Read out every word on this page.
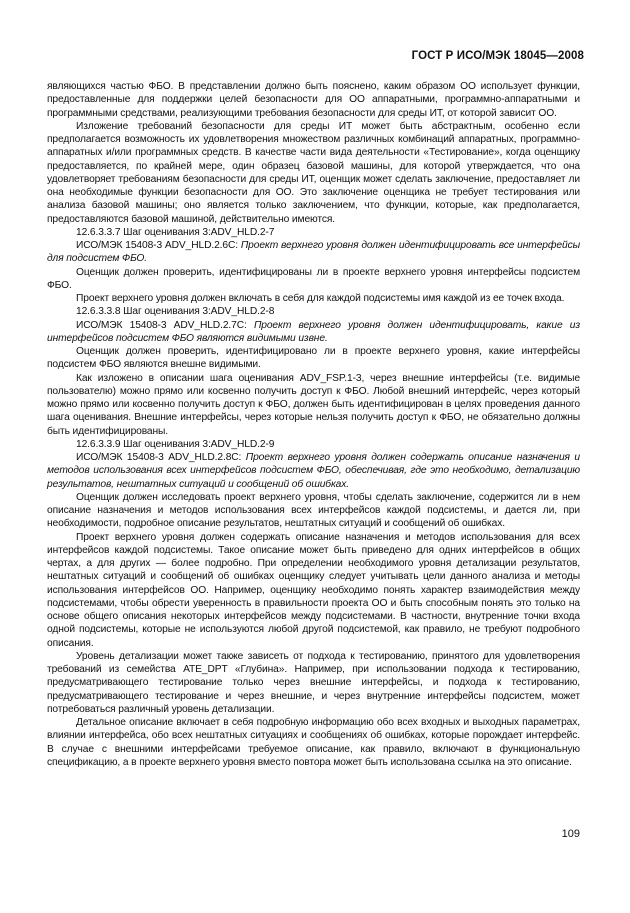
ГОСТ Р ИСО/МЭК 18045—2008

являющихся частью ФБО. В представлении должно быть пояснено, каким образом ОО использует функции, предоставленные для поддержки целей безопасности для ОО аппаратными, программно-аппаратными и программными средствами, реализующими требования безопасности для среды ИТ, от которой зависит ОО.

Изложение требований безопасности для среды ИТ может быть абстрактным, особенно если предполагается возможность их удовлетворения множеством различных комбинаций аппаратных, программно-аппаратных и/или программных средств. В качестве части вида деятельности «Тестирование», когда оценщику предоставляется, по крайней мере, один образец базовой машины, для которой утверждается, что она удовлетворяет требованиям безопасности для среды ИТ, оценщик может сделать заключение, предоставляет ли она необходимые функции безопасности для ОО. Это заключение оценщика не требует тестирования или анализа базовой машины; оно является только заключением, что функции, которые, как предполагается, предоставляются базовой машиной, действительно имеются.

12.6.3.3.7 Шаг оценивания 3:ADV_HLD.2-7

ИСО/МЭК 15408-3 ADV_HLD.2.6C: Проект верхнего уровня должен идентифицировать все интерфейсы для подсистем ФБО.

Оценщик должен проверить, идентифицированы ли в проекте верхнего уровня интерфейсы подсистем ФБО.

Проект верхнего уровня должен включать в себя для каждой подсистемы имя каждой из ее точек входа.

12.6.3.3.8 Шаг оценивания 3:ADV_HLD.2-8

ИСО/МЭК 15408-3 ADV_HLD.2.7C: Проект верхнего уровня должен идентифицировать, какие из интерфейсов подсистем ФБО являются видимыми извне.

Оценщик должен проверить, идентифицировано ли в проекте верхнего уровня, какие интерфейсы подсистем ФБО являются внешне видимыми.

Как изложено в описании шага оценивания ADV_FSP.1-3, через внешние интерфейсы (т.е. видимые пользователю) можно прямо или косвенно получить доступ к ФБО. Любой внешний интерфейс, через который можно прямо или косвенно получить доступ к ФБО, должен быть идентифицирован в целях проведения данного шага оценивания. Внешние интерфейсы, через которые нельзя получить доступ к ФБО, не обязательно должны быть идентифицированы.

12.6.3.3.9 Шаг оценивания 3:ADV_HLD.2-9

ИСО/МЭК 15408-3 ADV_HLD.2.8C: Проект верхнего уровня должен содержать описание назначения и методов использования всех интерфейсов подсистем ФБО, обеспечивая, где это необходимо, детализацию результатов, нештатных ситуаций и сообщений об ошибках.

Оценщик должен исследовать проект верхнего уровня, чтобы сделать заключение, содержится ли в нем описание назначения и методов использования всех интерфейсов каждой подсистемы, и дается ли, при необходимости, подробное описание результатов, нештатных ситуаций и сообщений об ошибках.

Проект верхнего уровня должен содержать описание назначения и методов использования для всех интерфейсов каждой подсистемы. Такое описание может быть приведено для одних интерфейсов в общих чертах, а для других — более подробно. При определении необходимого уровня детализации результатов, нештатных ситуаций и сообщений об ошибках оценщику следует учитывать цели данного анализа и методы использования интерфейсов ОО. Например, оценщику необходимо понять характер взаимодействия между подсистемами, чтобы обрести уверенность в правильности проекта ОО и быть способным понять это только на основе общего описания некоторых интерфейсов между подсистемами. В частности, внутренние точки входа одной подсистемы, которые не используются любой другой подсистемой, как правило, не требуют подробного описания.

Уровень детализации может также зависеть от подхода к тестированию, принятого для удовлетворения требований из семейства ATE_DPT «Глубина». Например, при использовании подхода к тестированию, предусматривающего тестирование только через внешние интерфейсы, и подхода к тестированию, предусматривающего тестирование и через внешние, и через внутренние интерфейсы подсистем, может потребоваться различный уровень детализации.

Детальное описание включает в себя подробную информацию обо всех входных и выходных параметрах, влиянии интерфейса, обо всех нештатных ситуациях и сообщениях об ошибках, которые порождает интерфейс. В случае с внешними интерфейсами требуемое описание, как правило, включают в функциональную спецификацию, а в проекте верхнего уровня вместо повтора может быть использована ссылка на это описание.

109
